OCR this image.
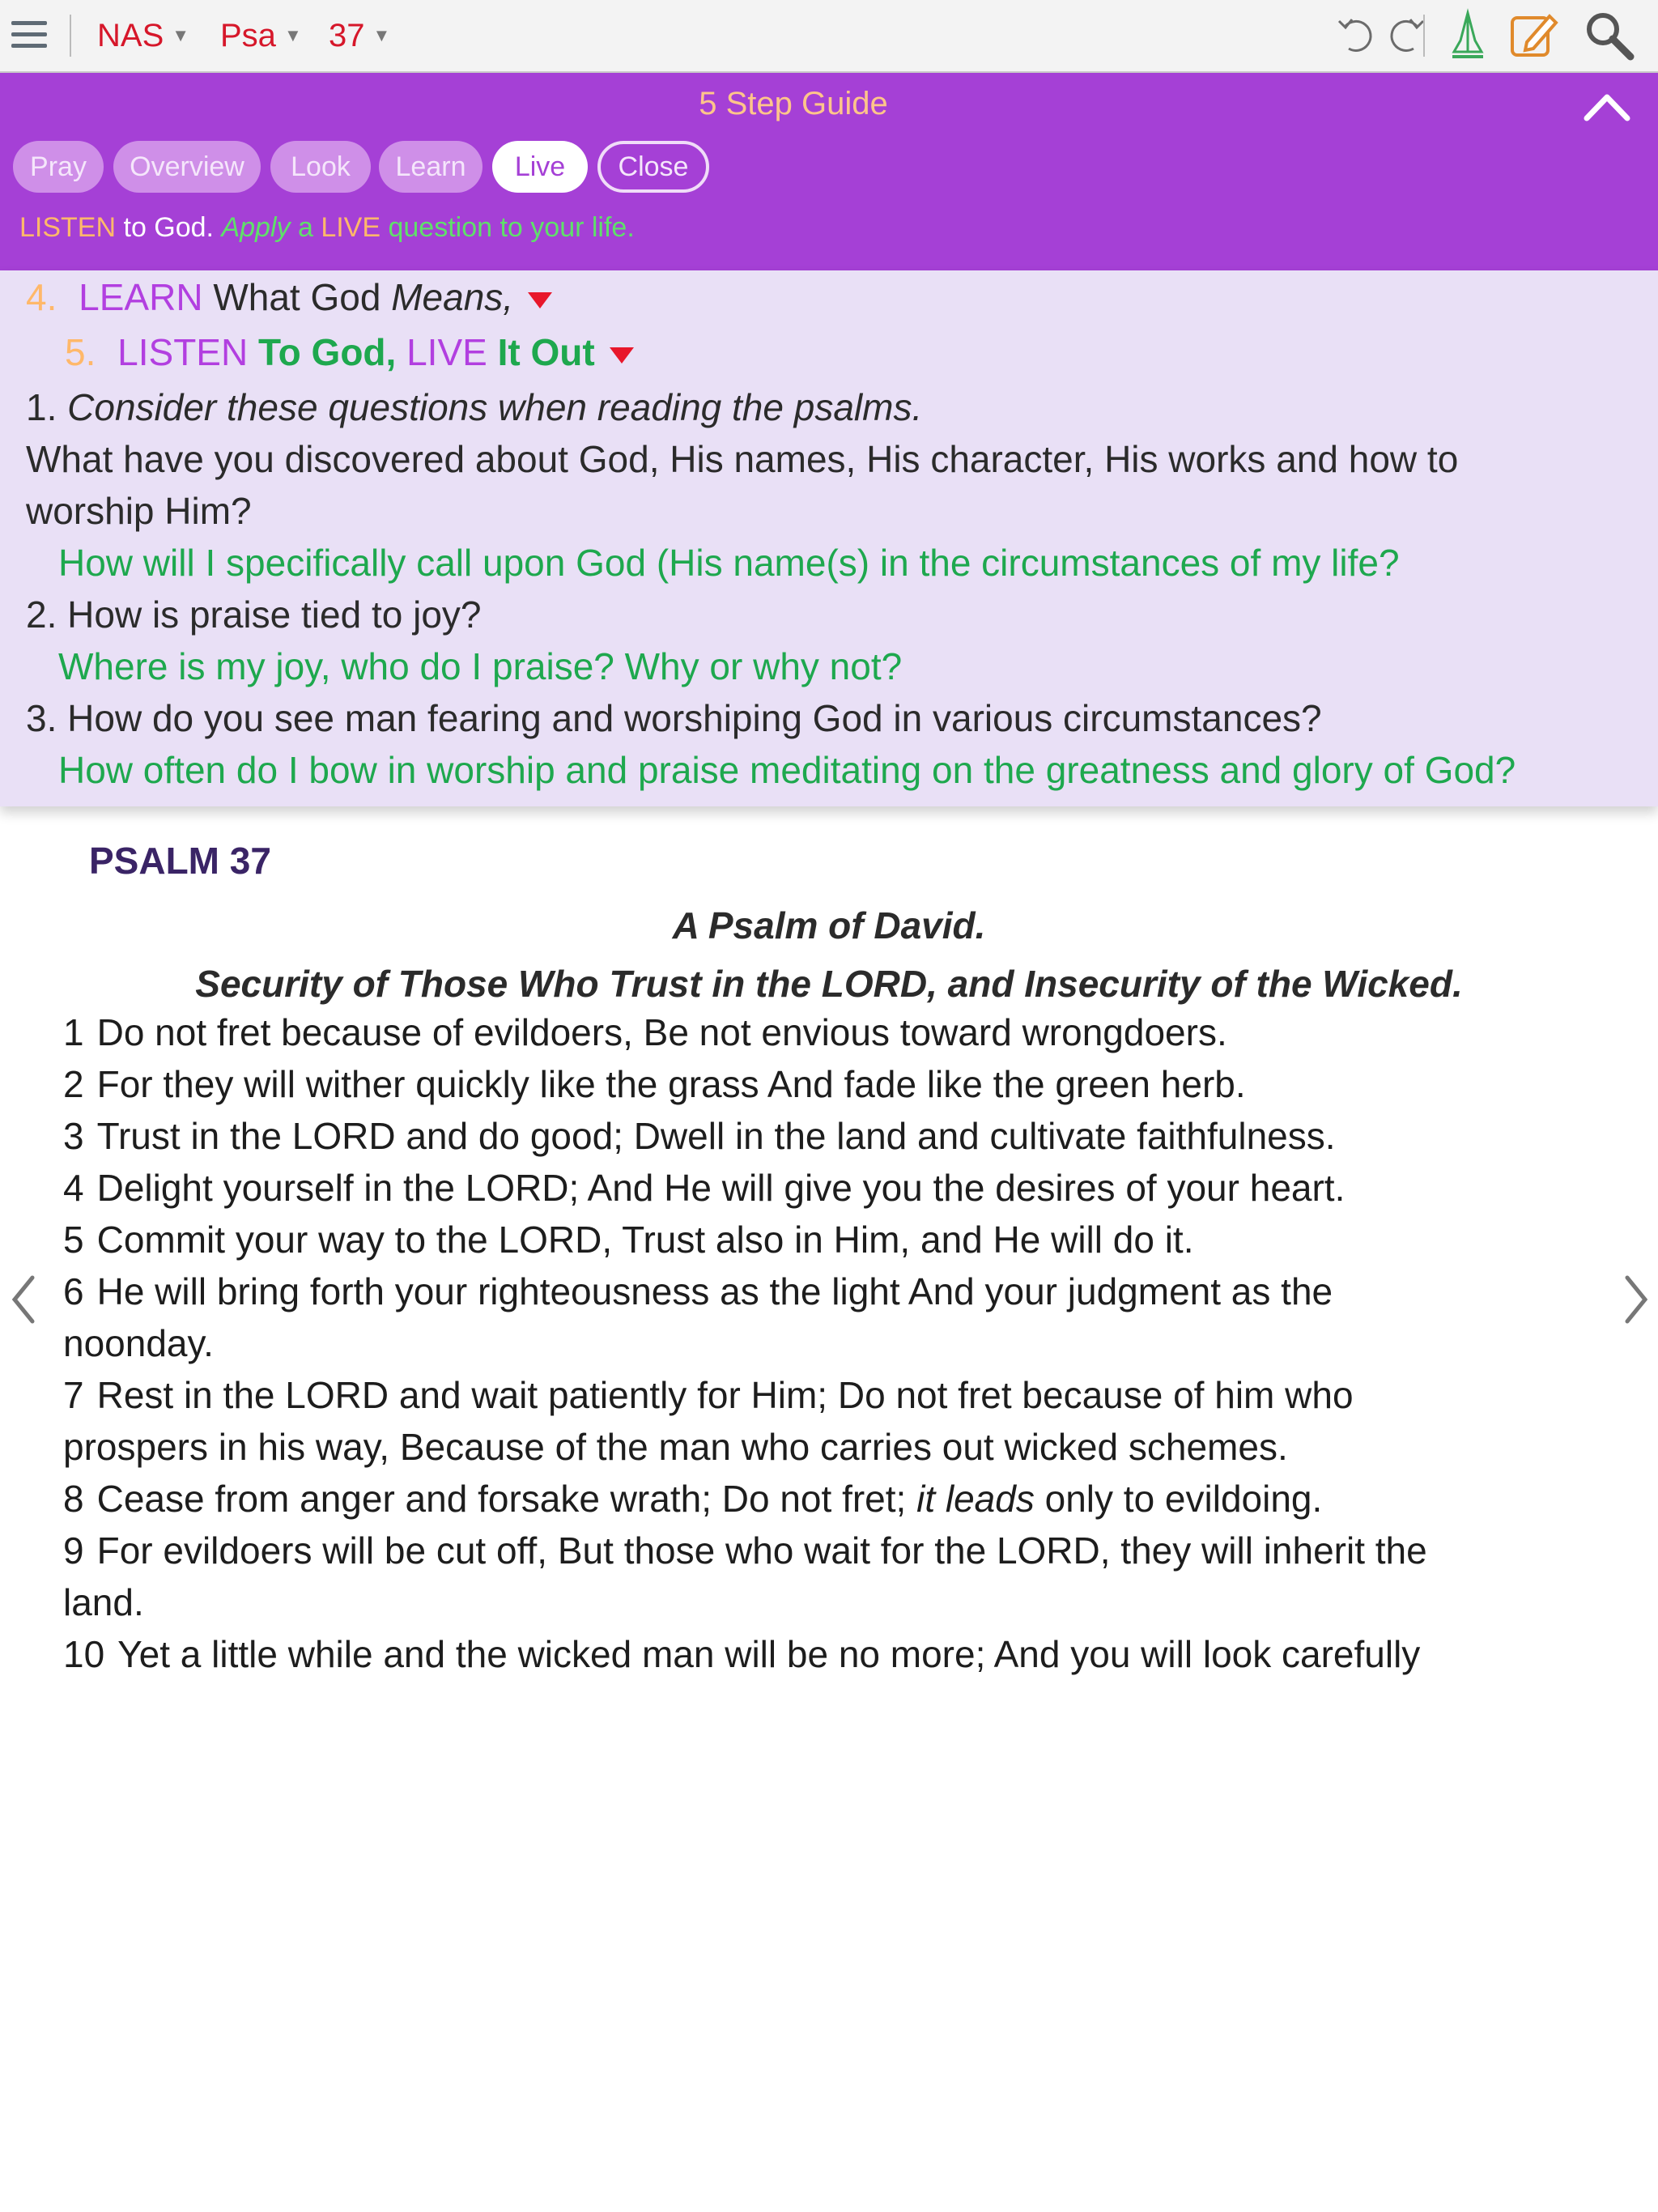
NAS ▼ Psa ▼ 37 ▼
5 Step Guide
Pray	Overview	Look	Learn	Live	Close
LISTEN to God. Apply a LIVE question to your life.
4. LEARN What God Means,
5. LISTEN To God, LIVE It Out
1. Consider these questions when reading the psalms.
What have you discovered about God, His names, His character, His works and how to
worship Him?
How will I specifically call upon God (His name(s) in the circumstances of my life?
2. How is praise tied to joy?
Where is my joy, who do I praise? Why or why not?
3. How do you see man fearing and worshiping God in various circumstances?
How often do I bow in worship and praise meditating on the greatness and glory of God?
PSALM 37
A Psalm of David.
Security of Those Who Trust in the LORD, and Insecurity of the Wicked.
1 Do not fret because of evildoers, Be not envious toward wrongdoers.
2 For they will wither quickly like the grass And fade like the green herb.
3 Trust in the LORD and do good; Dwell in the land and cultivate faithfulness.
4 Delight yourself in the LORD; And He will give you the desires of your heart.
5 Commit your way to the LORD, Trust also in Him, and He will do it.
6 He will bring forth your righteousness as the light And your judgment as the
noonday.
7 Rest in the LORD and wait patiently for Him; Do not fret because of him who
prospers in his way, Because of the man who carries out wicked schemes.
8 Cease from anger and forsake wrath; Do not fret; it leads only to evildoing.
9 For evildoers will be cut off, But those who wait for the LORD, they will inherit the
land.
10 Yet a little while and the wicked man will be no more; And you will look carefully
